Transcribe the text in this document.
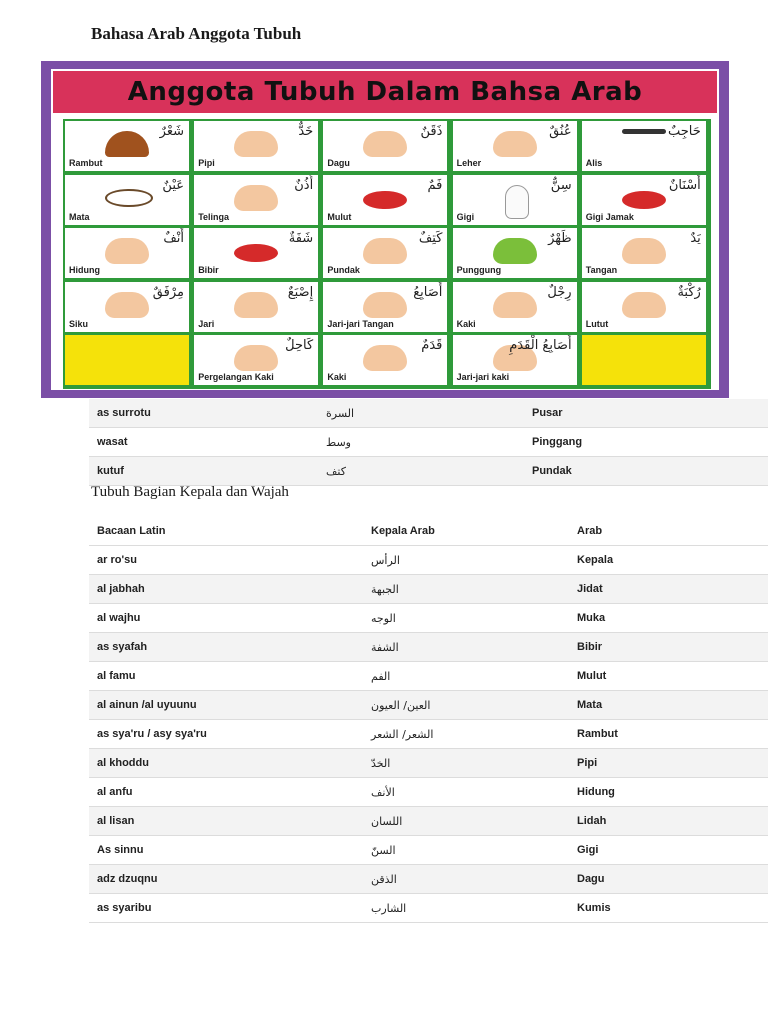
Bahasa Arab Anggota Tubuh
Anggota Tubuh Dalam Bahsa Arab
شَعْرٌ
Rambut
خَدٌّ
Pipi
ذَقَنٌ
Dagu
عُنُقٌ
Leher
حَاجِبٌ
Alis
عَيْنٌ
Mata
أُذُنٌ
Telinga
فَمٌ
Mulut
سِنٌّ
Gigi
أَسْنَانٌ
Gigi Jamak
أَنْفٌ
Hidung
شَفَةٌ
Bibir
كَتِفٌ
Pundak
ظَهْرٌ
Punggung
يَدٌ
Tangan
مِرْفَقٌ
Siku
إِصْبَعٌ
Jari
أَصَابِعُ
Jari-jari Tangan
رِجْلٌ
Kaki
رُكْبَةٌ
Lutut
كَاحِلٌ
Pergelangan Kaki
قَدَمٌ
Kaki
أَصَابِعُ الْقَدَمِ
Jari-jari kaki
as surrotu	السرة	Pusar
wasat	وسط	Pinggang
kutuf	كتف	Pundak
Tubuh Bagian Kepala dan Wajah
Bacaan Latin	Kepala Arab	Arab
ar ro'su	الرأس	Kepala
al jabhah	الجبهة	Jidat
al wajhu	الوجه	Muka
as syafah	الشفة	Bibir
al famu	الفم	Mulut
al ainun /al uyuunu	العين/ العيون	Mata
as sya'ru / asy sya'ru	الشعر/ الشعر	Rambut
al khoddu	الخدّ	Pipi
al anfu	الأنف	Hidung
al lisan	اللسان	Lidah
As sinnu	السنّ	Gigi
adz dzuqnu	الذقن	Dagu
as syaribu	الشارب	Kumis
